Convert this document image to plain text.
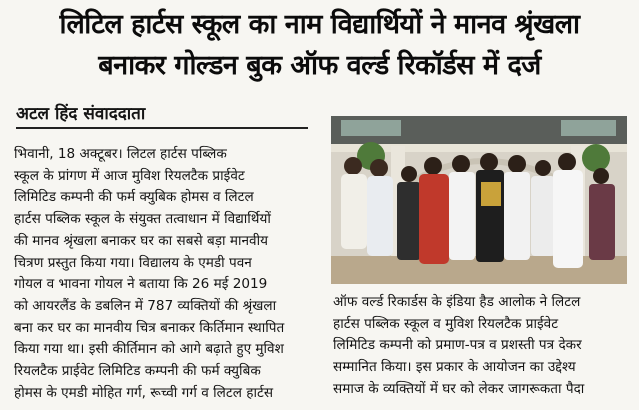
लिटिल हार्टस स्कूल का नाम विद्यार्थियों ने मानव श्रृंखला
बनाकर गोल्डन बुक ऑफ वर्ल्ड रिकॉर्डस में दर्ज
अटल हिंद संवाददाता
भिवानी, 18 अक्टूबर। लिटल हार्टस पब्लिक
स्कूल के प्रांगण में आज मुविश रियलटैक प्राईवेट
लिमिटिड कम्पनी की फर्म क्युबिक होमस व लिटल
हार्टस पब्लिक स्कूल के संयुक्त तत्वाधान में विद्यार्थियों
की मानव श्रृंखला बनाकर घर का सबसे बड़ा मानवीय
चित्रण प्रस्तुत किया गया। विद्यालय के एमडी पवन
गोयल व भावना गोयल ने बताया कि 26 मई 2019
को आयरलैंड के डबलिन में 787 व्यक्तियों की श्रृंखला
बना कर घर का मानवीय चित्र बनाकर किर्तिमान स्थापित
किया गया था। इसी कीर्तिमान को आगे बढ़ाते हुए मुविश
रियलटैक प्राईवेट लिमिटिड कम्पनी की फर्म क्युबिक
होमस के एमडी मोहित गर्ग, रूच्वी गर्ग व लिटल हार्टस
ऑफ वर्ल्ड रिकार्डस के इंडिया हैड आलोक ने लिटल
हार्टस पब्लिक स्कूल व मुविश रियलटैक प्राईवेट
लिमिटिड कम्पनी को प्रमाण-पत्र व प्रशस्ती पत्र देकर
सम्मानित किया। इस प्रकार के आयोजन का उद्देश्य
समाज के व्यक्तियों में घर को लेकर जागरूकता पैदा
